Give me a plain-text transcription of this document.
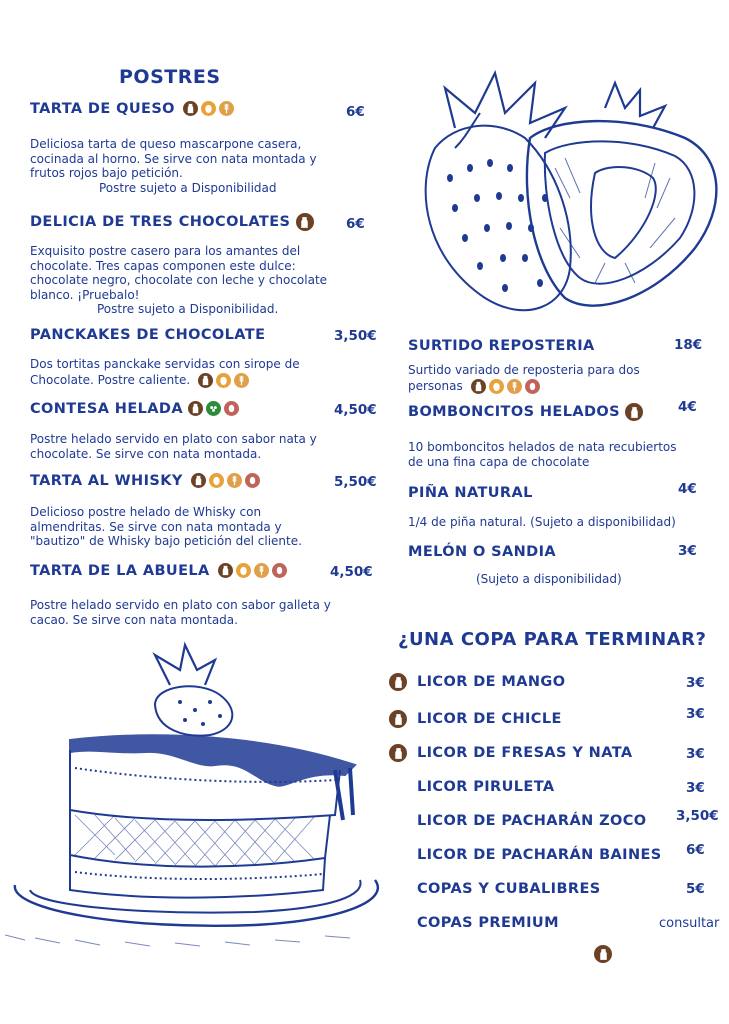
POSTRES
TARTA DE QUESO	6€
Deliciosa tarta de queso mascarpone casera,
cocinada al horno. Se sirve con nata montada y
frutos rojos bajo petición.
Postre sujeto a Disponibilidad
DELICIA DE TRES CHOCOLATES	6€
Exquisito postre casero para los amantes del
chocolate. Tres capas componen este dulce:
chocolate negro, chocolate con leche y chocolate
blanco. ¡Pruebalo!
Postre sujeto a Disponibilidad.
PANCKAKES DE CHOCOLATE	3,50€
Dos tortitas panckake servidas con sirope de
Chocolate. Postre caliente.
CONTESA HELADA	4,50€
Postre helado servido en plato con sabor nata y
chocolate. Se sirve con nata montada.
TARTA AL WHISKY	5,50€
Delicioso postre helado de Whisky con
almendritas. Se sirve con nata montada y
"bautizo" de Whisky bajo petición del cliente.
TARTA DE LA ABUELA	4,50€
Postre helado servido en plato con sabor galleta y
cacao. Se sirve con nata montada.
SURTIDO REPOSTERIA	18€
Surtido variado de reposteria para dos
personas
BOMBONCITOS HELADOS	4€
10 bomboncitos helados de nata recubiertos
de una fina capa de chocolate
PIÑA NATURAL	4€
1/4 de piña natural. (Sujeto a disponibilidad)
MELÓN O SANDIA	3€
(Sujeto a disponibilidad)
¿UNA COPA PARA TERMINAR?
LICOR DE MANGO	3€
LICOR DE CHICLE	3€
LICOR DE FRESAS Y NATA	3€
LICOR PIRULETA	3€
LICOR DE PACHARÁN ZOCO 3,50€
LICOR DE PACHARÁN BAINES 6€
COPAS Y CUBALIBRES	5€
COPAS PREMIUM	consultar
